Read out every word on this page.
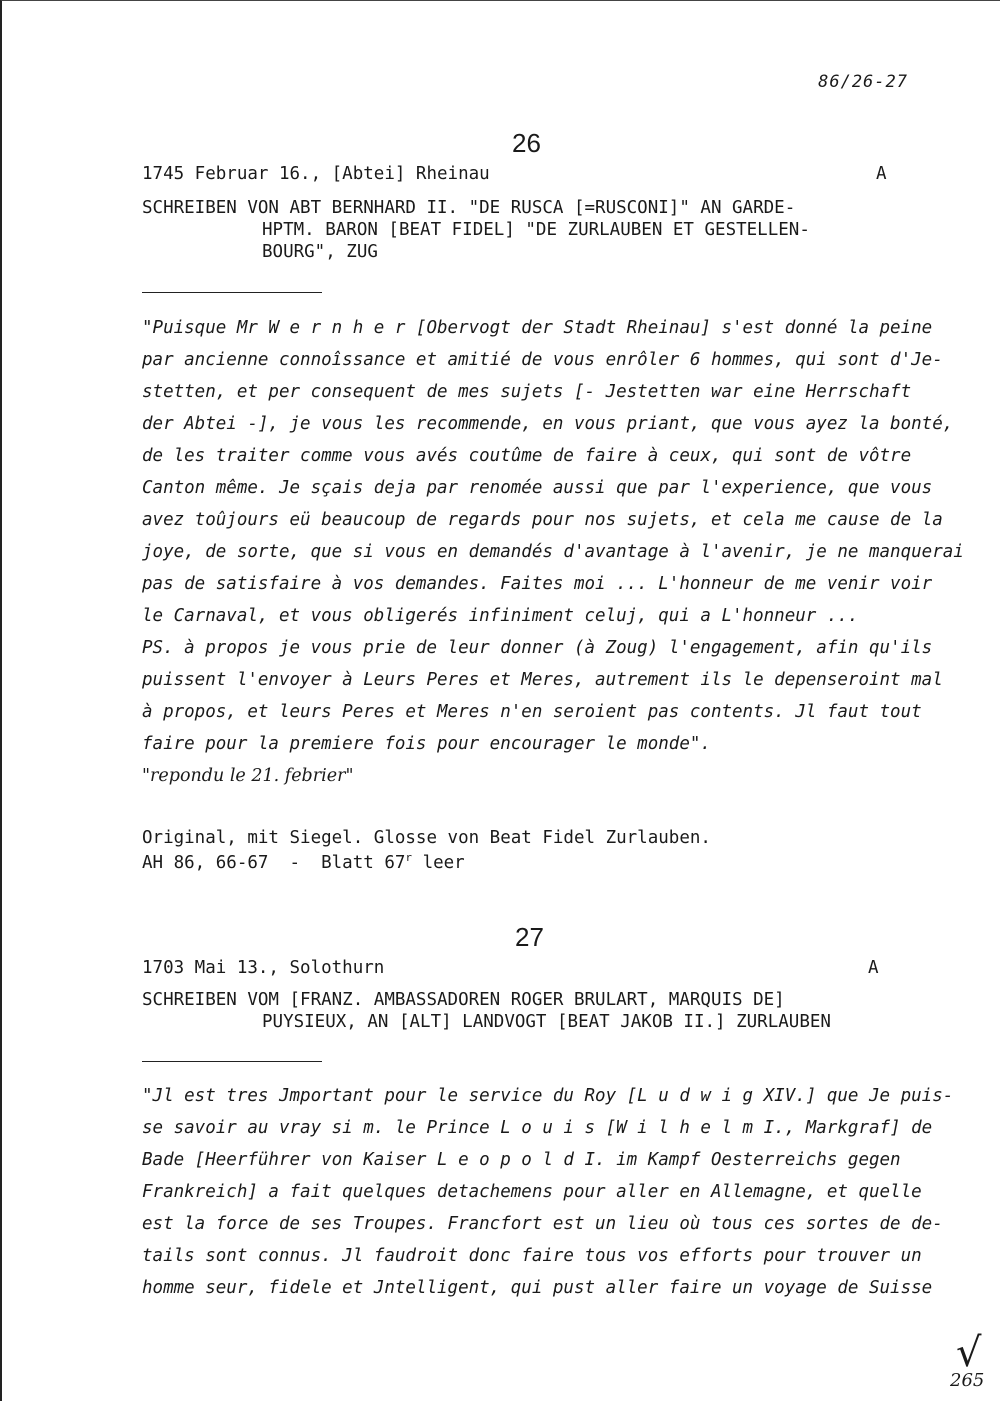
86/26-27
26
1745 Februar 16., [Abtei] Rheinau	A
SCHREIBEN VON ABT BERNHARD II. "DE RUSCA [=RUSCONI]" AN GARDE-
HPTM. BARON [BEAT FIDEL] "DE ZURLAUBEN ET GESTELLEN-
BOURG", ZUG
"Puisque Mr W e r n h e r [Obervogt der Stadt Rheinau] s'est donné la peine
par ancienne connoîssance et amitié de vous enrôler 6 hommes, qui sont d'Je-
stetten, et per consequent de mes sujets [- Jestetten war eine Herrschaft
der Abtei -], je vous les recommende, en vous priant, que vous ayez la bonté,
de les traiter comme vous avés coutûme de faire à ceux, qui sont de vôtre
Canton même. Je sçais deja par renomée aussi que par l'experience, que vous
avez toûjours eü beaucoup de regards pour nos sujets, et cela me cause de la
joye, de sorte, que si vous en demandés d'avantage à l'avenir, je ne manquerai
pas de satisfaire à vos demandes. Faites moi ... L'honneur de me venir voir
le Carnaval, et vous obligerés infiniment celuj, qui a L'honneur ...
PS. à propos je vous prie de leur donner (à Zoug) l'engagement, afin qu'ils
puissent l'envoyer à Leurs Peres et Meres, autrement ils le depenseroint mal
à propos, et leurs Peres et Meres n'en seroient pas contents. Jl faut tout
faire pour la premiere fois pour encourager le monde".
"repondu le 21. febrier"
Original, mit Siegel. Glosse von Beat Fidel Zurlauben.
AH 86, 66-67  -  Blatt 67$^r$ leer
27
1703 Mai 13., Solothurn	A
SCHREIBEN VOM [FRANZ. AMBASSADOREN ROGER BRULART, MARQUIS DE]
PUYSIEUX, AN [ALT] LANDVOGT [BEAT JAKOB II.] ZURLAUBEN
"Jl est tres Jmportant pour le service du Roy [L u d w i g XIV.] que Je puis-
se savoir au vray si m. le Prince L o u i s [W i l h e l m I., Markgraf] de
Bade [Heerführer von Kaiser L e o p o l d I. im Kampf Oesterreichs gegen
Frankreich] a fait quelques detachemens pour aller en Allemagne, et quelle
est la force de ses Troupes. Francfort est un lieu où tous ces sortes de de-
tails sont connus. Jl faudroit donc faire tous vos efforts pour trouver un
homme seur, fidele et Jntelligent, qui pust aller faire un voyage de Suisse
√
265
